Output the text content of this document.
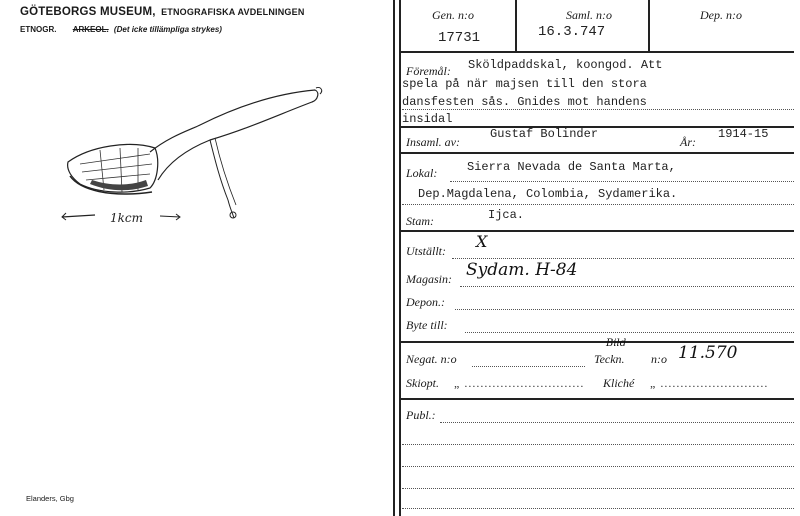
GÖTEBORGS MUSEUM, ETNOGRAFISKA AVDELNINGEN
ETNOGR. ARKEOL. (Det icke tillämpliga strykes)
1kcm
Elanders, Gbg
Gen. n:o
17731
Saml. n:o
16.3.747
Dep. n:o
Föremål: Sköldpaddskal, koongod. Att
spela på när majsen till den stora
dansfesten sås. Gnides mot handens
insidal
Insaml. av:
Gustaf Bolinder
År:
1914-15
Lokal: Sierra Nevada de Santa Marta,
Dep.Magdalena, Colombia, Sydamerika.
Stam:	Ijca.
Utställt: X
Magasin: Sydam. H-84
Depon.:
Byte till:
Negat. n:o
Bild
Teckn. n:o 11.570
Skiopt. „ .............................. Kliché „ ...........................
Publ.:
